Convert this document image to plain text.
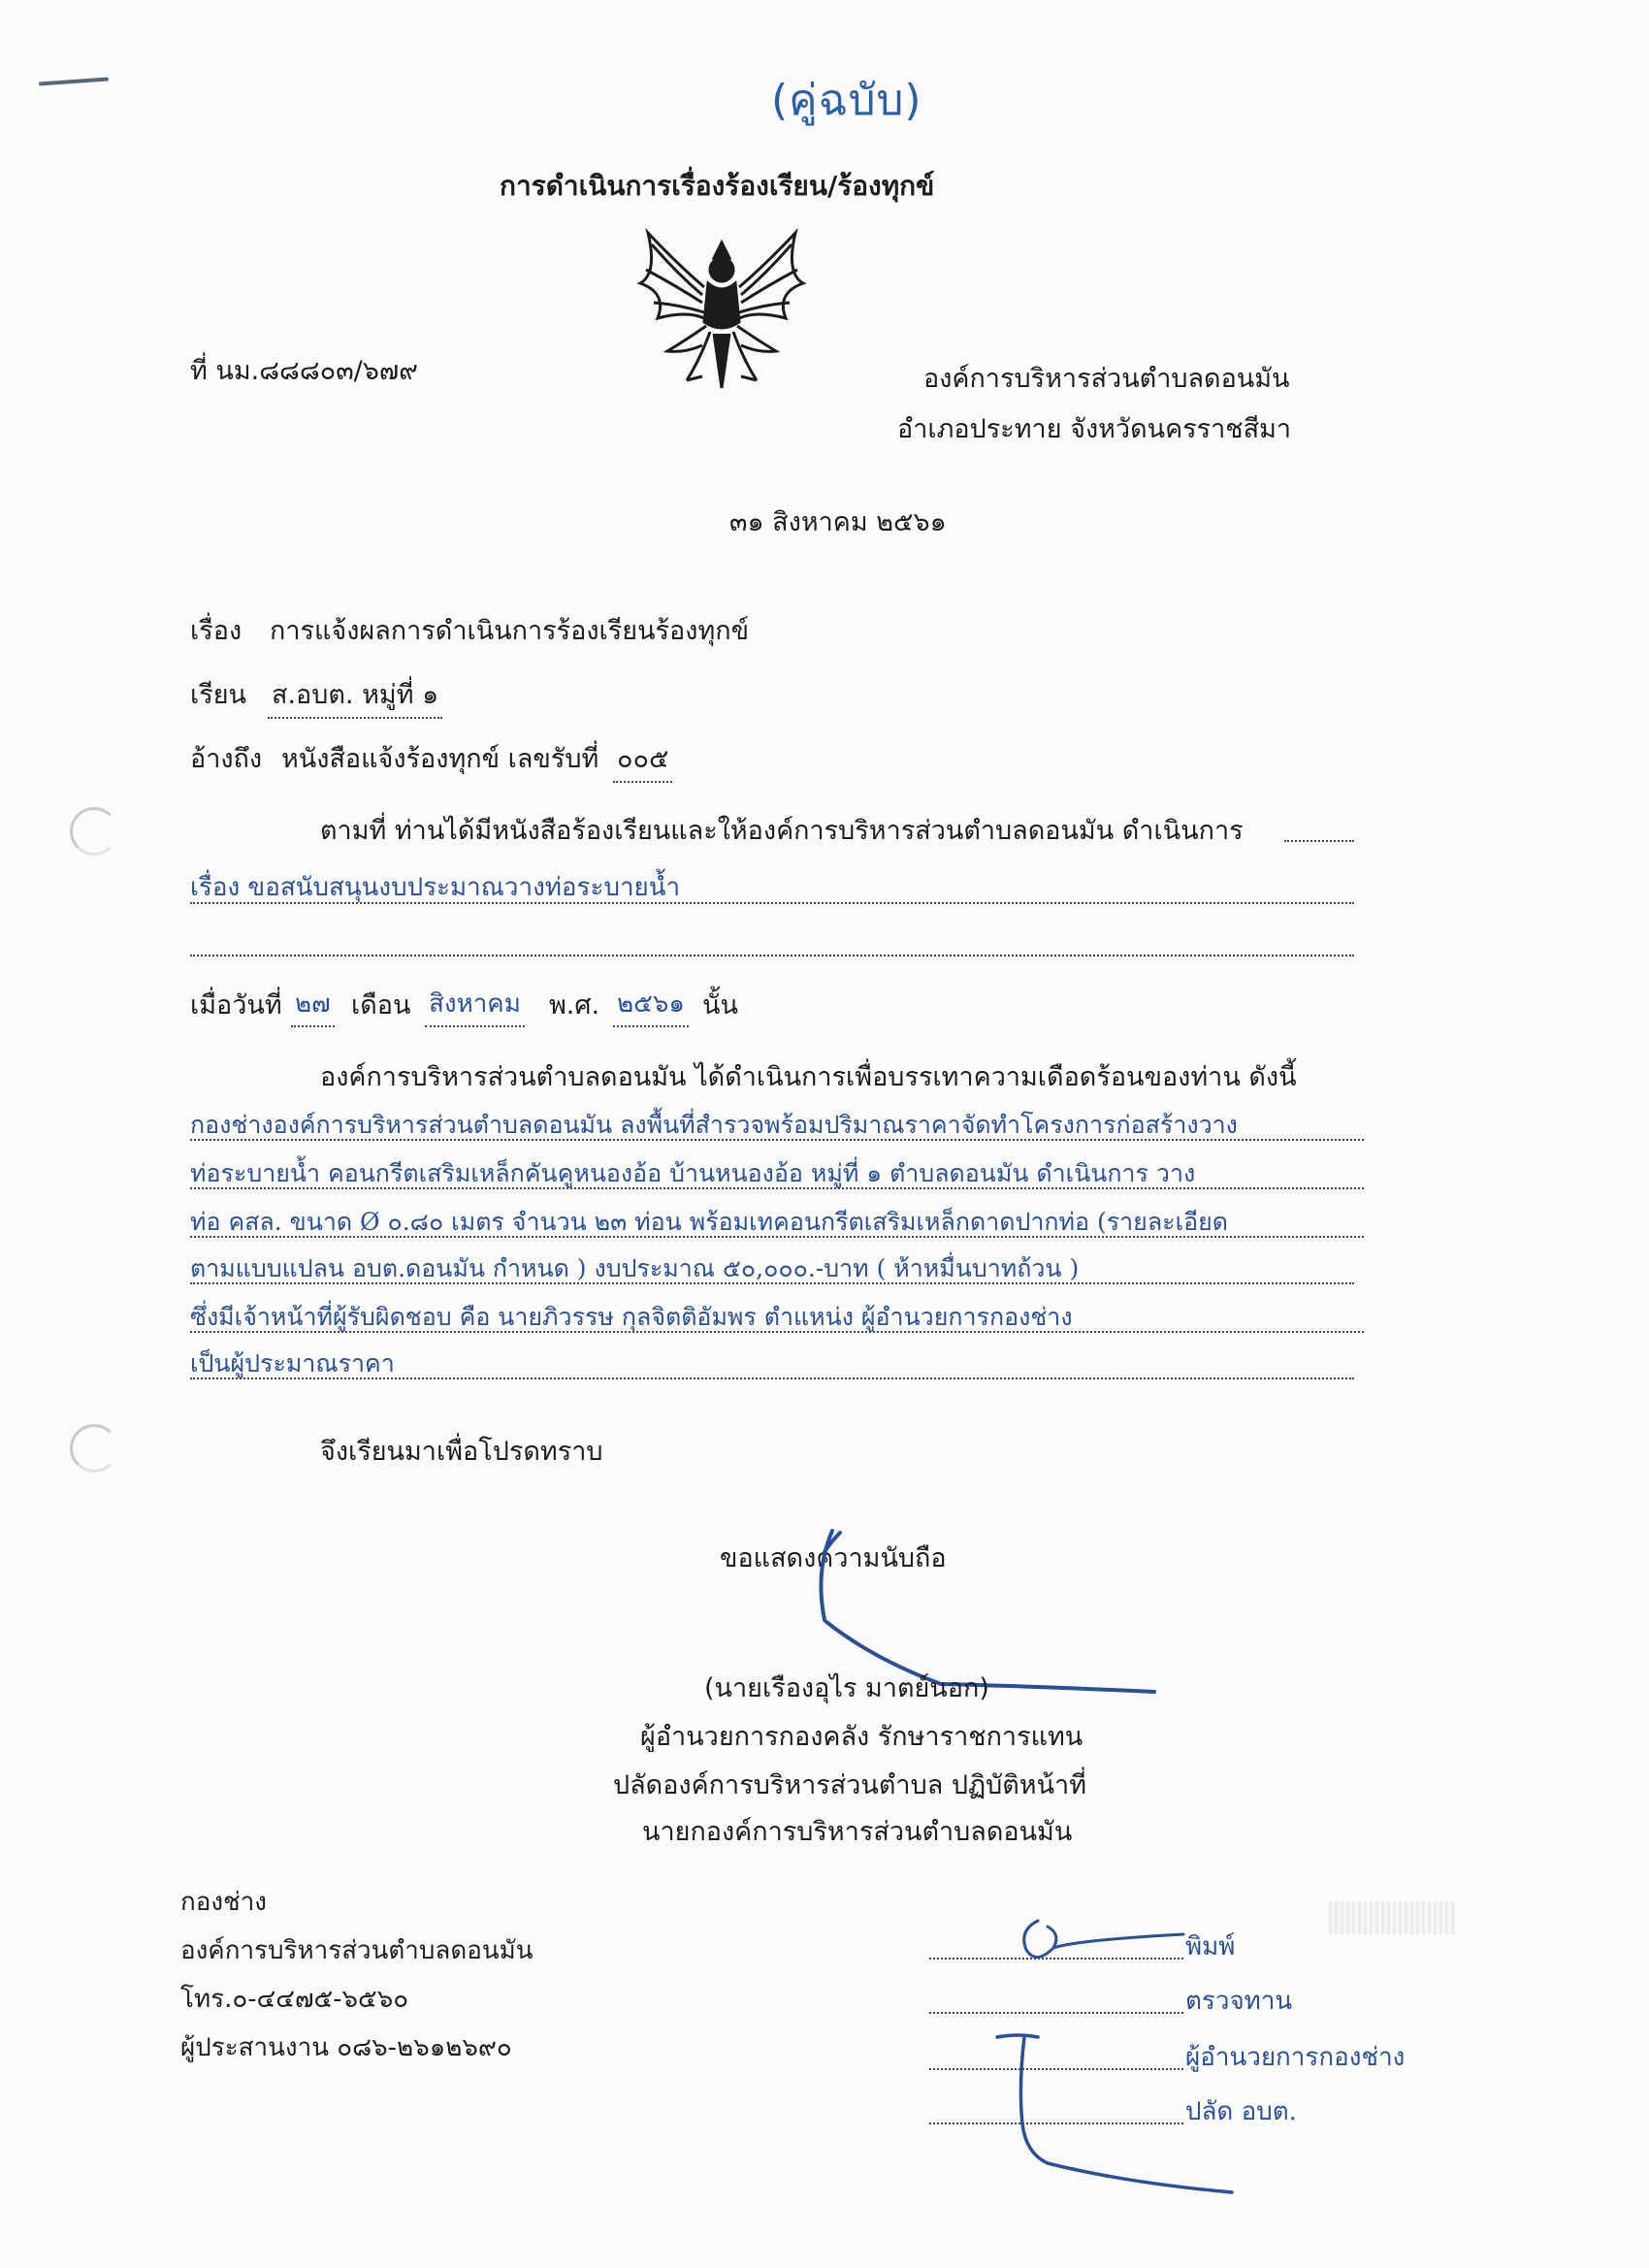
(คู่ฉบับ)
การดำเนินการเรื่องร้องเรียน/ร้องทุกข์
ที่ นม.๘๘๘๐๓/๖๗๙	องค์การบริหารส่วนตำบลดอนมัน
อำเภอประทาย จังหวัดนครราชสีมา
๓๑ สิงหาคม ๒๕๖๑
เรื่อง การแจ้งผลการดำเนินการร้องเรียนร้องทุกข์
เรียน ส.อบต. หมู่ที่ ๑
อ้างถึง หนังสือแจ้งร้องทุกข์ เลขรับที่ ๐๐๕
ตามที่ ท่านได้มีหนังสือร้องเรียนและให้องค์การบริหารส่วนตำบลดอนมัน ดำเนินการ
เรื่อง ขอสนับสนุนงบประมาณวางท่อระบายน้ำ
เมื่อวันที่ ๒๗ เดือน สิงหาคม พ.ศ. ๒๕๖๑ นั้น
องค์การบริหารส่วนตำบลดอนมัน ได้ดำเนินการเพื่อบรรเทาความเดือดร้อนของท่าน ดังนี้
กองช่างองค์การบริหารส่วนตำบลดอนมัน ลงพื้นที่สำรวจพร้อมปริมาณราคาจัดทำโครงการก่อสร้างวาง
ท่อระบายน้ำ คอนกรีตเสริมเหล็กคันคูหนองอ้อ บ้านหนองอ้อ หมู่ที่ ๑ ตำบลดอนมัน ดำเนินการ วาง
ท่อ คสล. ขนาด Ø ๐.๘๐ เมตร จำนวน ๒๓ ท่อน พร้อมเทคอนกรีตเสริมเหล็กดาดปากท่อ (รายละเอียด
ตามแบบแปลน อบต.ดอนมัน กำหนด ) งบประมาณ ๕๐,๐๐๐.-บาท ( ห้าหมื่นบาทถ้วน )
ซึ่งมีเจ้าหน้าที่ผู้รับผิดชอบ คือ นายภิวรรษ กุลจิตติอัมพร ตำแหน่ง ผู้อำนวยการกองช่าง
เป็นผู้ประมาณราคา
จึงเรียนมาเพื่อโปรดทราบ
ขอแสดงความนับถือ
(นายเรืองอุไร มาตย์นอก)
ผู้อำนวยการกองคลัง รักษาราชการแทน
ปลัดองค์การบริหารส่วนตำบล ปฏิบัติหน้าที่
นายกองค์การบริหารส่วนตำบลดอนมัน
กองช่าง
องค์การบริหารส่วนตำบลดอนมัน
โทร.๐-๔๔๗๕-๖๕๖๐
ผู้ประสานงาน ๐๘๖-๒๖๑๒๖๙๐
พิมพ์
ตรวจทาน
ผู้อำนวยการกองช่าง
ปลัด อบต.
